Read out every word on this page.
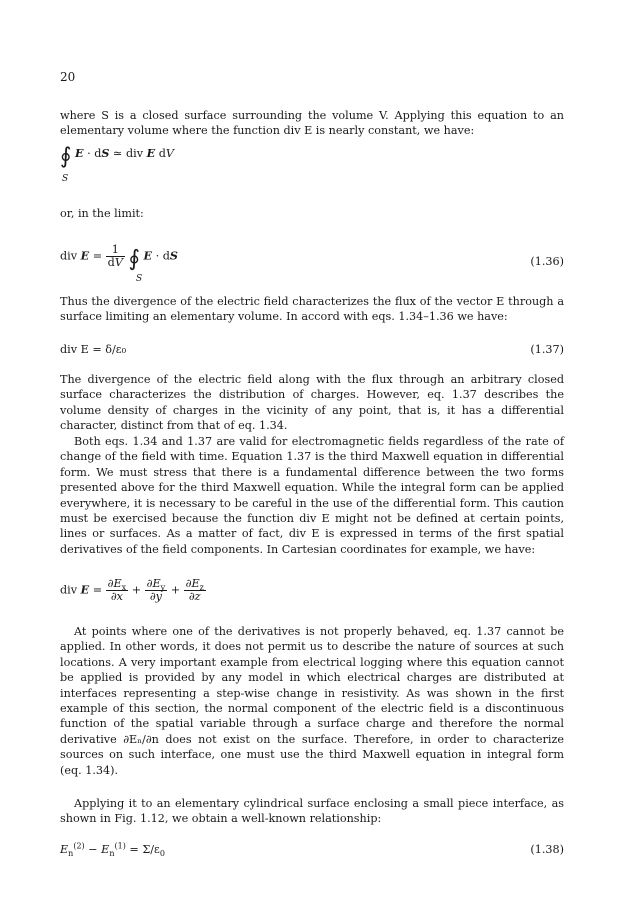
20

where S is a closed surface surrounding the volume V. Applying this equation to an elementary volume where the function div E is nearly constant, we have:

∮ E · dS ≃ div E dV
S

or, in the limit:

div $E = \frac{1}{dV}$ ∮ E · dS
S
(1.36)

Thus the divergence of the electric field characterizes the flux of the vector E through a surface limiting an elementary volume. In accord with eqs. 1.34–1.36 we have:

div E = δ/ε₀	(1.37)

The divergence of the electric field along with the flux through an arbitrary closed surface characterizes the distribution of charges. However, eq. 1.37 describes the volume density of charges in the vicinity of any point, that is, it has a differential character, distinct from that of eq. 1.34.

Both eqs. 1.34 and 1.37 are valid for electromagnetic fields regardless of the rate of change of the field with time. Equation 1.37 is the third Maxwell equation in differential form. We must stress that there is a fundamental difference between the two forms presented above for the third Maxwell equation. While the integral form can be applied everywhere, it is necessary to be careful in the use of the differential form. This caution must be exercised because the function div E might not be defined at certain points, lines or surfaces. As a matter of fact, div E is expressed in terms of the first spatial derivatives of the field components. In Cartesian coordinates for example, we have:

div $E = \frac{\partial E_x}{\partial x} + \frac{\partial E_y}{\partial y} + \frac{\partial E_z}{\partial z}$

At points where one of the derivatives is not properly behaved, eq. 1.37 cannot be applied. In other words, it does not permit us to describe the nature of sources at such locations. A very important example from electrical logging where this equation cannot be applied is provided by any model in which electrical charges are distributed at interfaces representing a step-wise change in resistivity. As was shown in the first example of this section, the normal component of the electric field is a discontinuous function of the spatial variable through a surface charge and therefore the normal derivative ∂Eₙ/∂n does not exist on the surface. Therefore, in order to characterize sources on such interface, one must use the third Maxwell equation in integral form (eq. 1.34).

Applying it to an elementary cylindrical surface enclosing a small piece interface, as shown in Fig. 1.12, we obtain a well-known relationship:

$E_n^{(2)} - E_n^{(1)} = \Sigma/\varepsilon_0$	(1.38)
